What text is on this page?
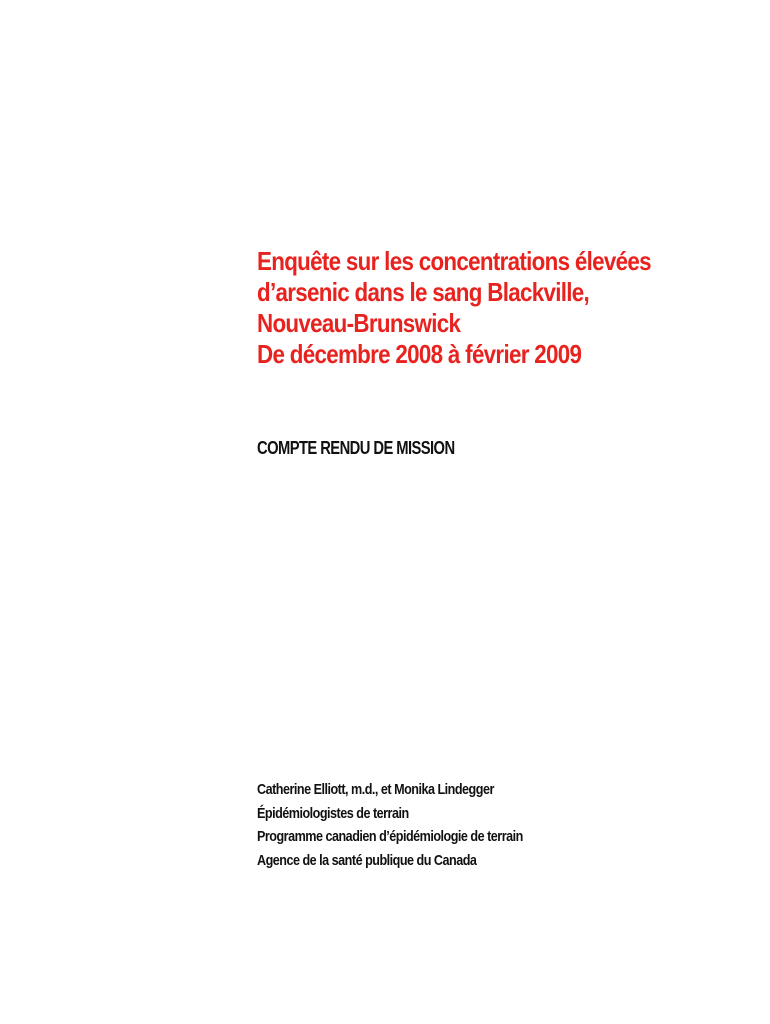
Enquête sur les concentrations élevées
d’arsenic dans le sang Blackville,
Nouveau-Brunswick
De décembre 2008 à février 2009
COMPTE RENDU DE MISSION
Catherine Elliott, m.d., et Monika Lindegger
Épidémiologistes de terrain
Programme canadien d’épidémiologie de terrain
Agence de la santé publique du Canada
